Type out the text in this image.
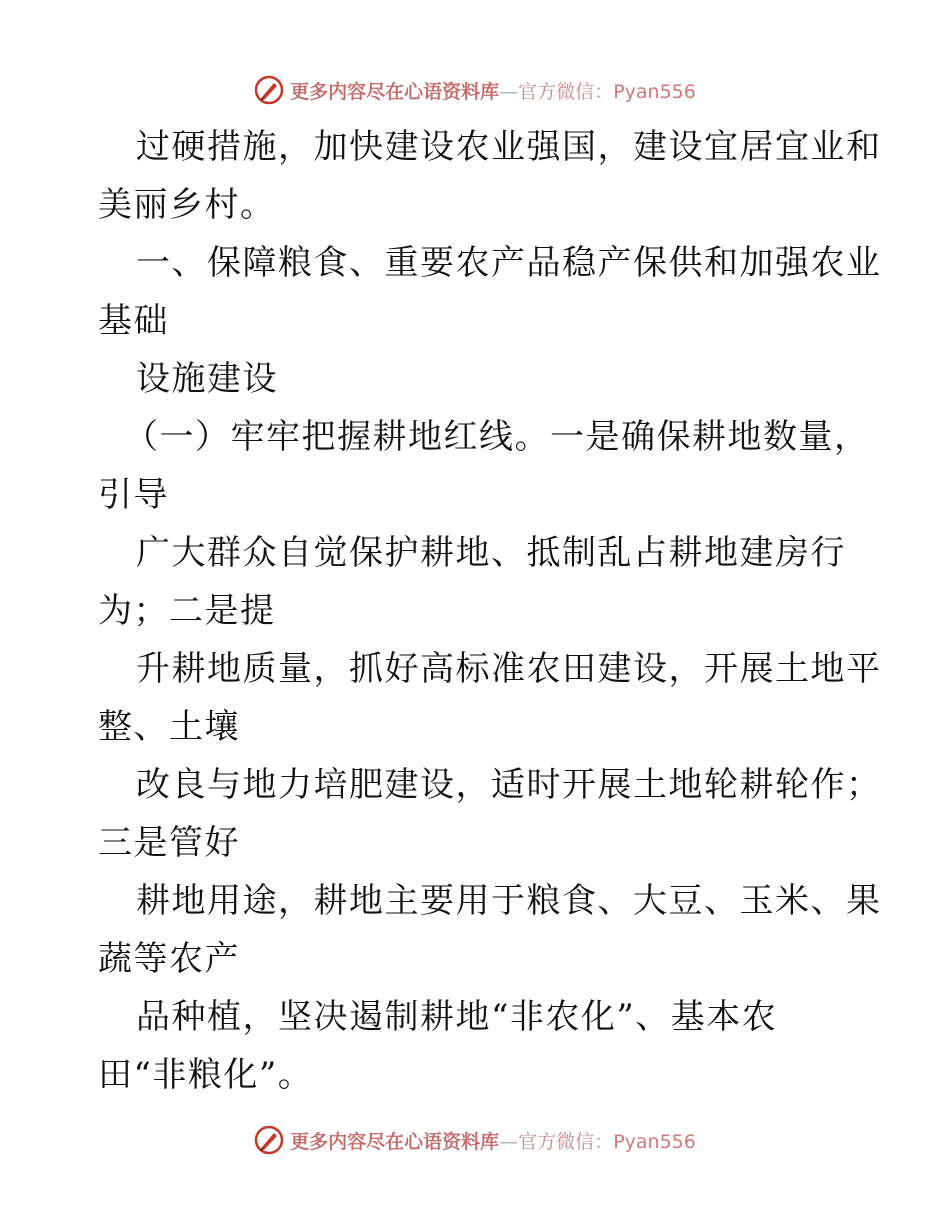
更多内容尽在心语资料库—官方微信：Pyan556
过硬措施，加快建设农业强国，建设宜居宜业和
美丽乡村。
一、保障粮食、重要农产品稳产保供和加强农业
基础
设施建设
（一）牢牢把握耕地红线。一是确保耕地数量，
引导
广大群众自觉保护耕地、抵制乱占耕地建房行
为；二是提
升耕地质量，抓好高标准农田建设，开展土地平
整、土壤
改良与地力培肥建设，适时开展土地轮耕轮作；
三是管好
耕地用途，耕地主要用于粮食、大豆、玉米、果
蔬等农产
品种植，坚决遏制耕地“非农化”、基本农
田“非粮化”。
更多内容尽在心语资料库—官方微信：Pyan556
